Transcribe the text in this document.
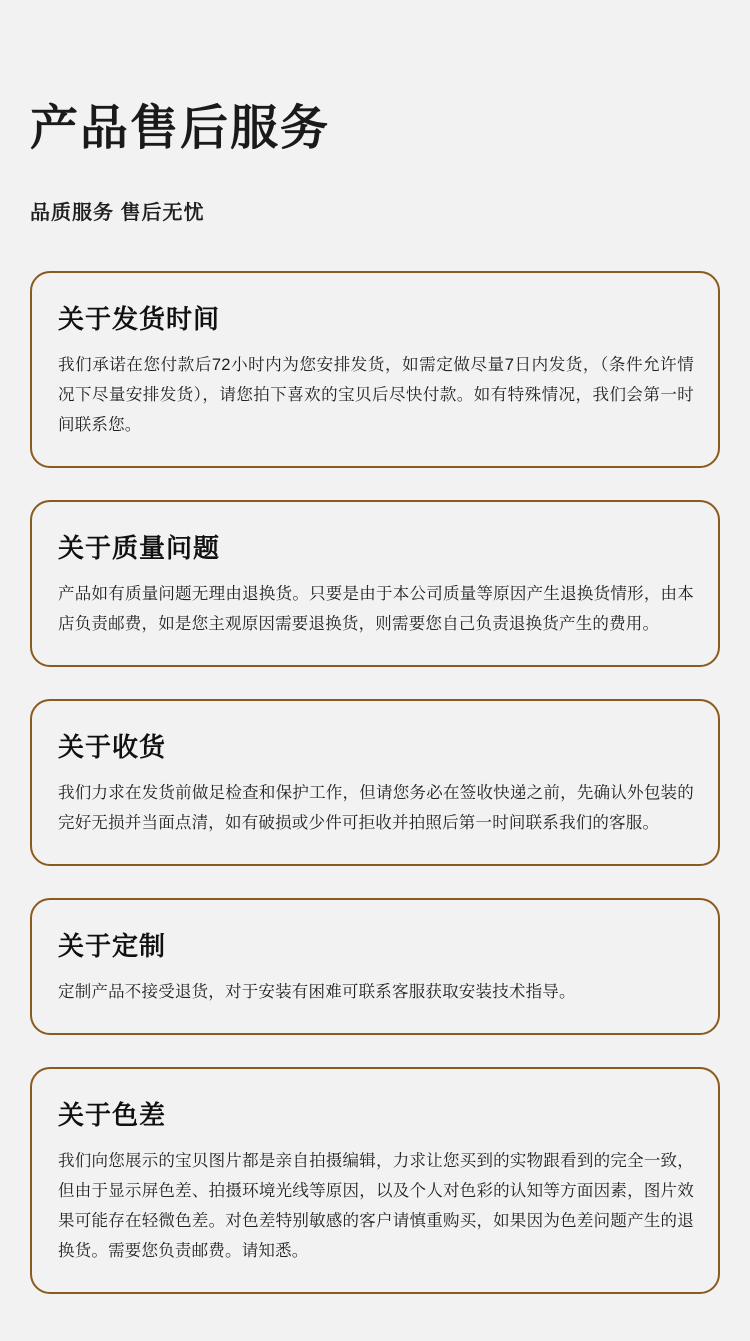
产品售后服务
品质服务 售后无忧
关于发货时间
我们承诺在您付款后72小时内为您安排发货，如需定做尽量7日内发货，（条件允许情况下尽量安排发货），请您拍下喜欢的宝贝后尽快付款。如有特殊情况，我们会第一时间联系您。
关于质量问题
产品如有质量问题无理由退换货。只要是由于本公司质量等原因产生退换货情形，由本店负责邮费，如是您主观原因需要退换货，则需要您自己负责退换货产生的费用。
关于收货
我们力求在发货前做足检查和保护工作，但请您务必在签收快递之前，先确认外包装的完好无损并当面点清，如有破损或少件可拒收并拍照后第一时间联系我们的客服。
关于定制
定制产品不接受退货，对于安装有困难可联系客服获取安装技术指导。
关于色差
我们向您展示的宝贝图片都是亲自拍摄编辑，力求让您买到的实物跟看到的完全一致，但由于显示屏色差、拍摄环境光线等原因，以及个人对色彩的认知等方面因素，图片效果可能存在轻微色差。对色差特别敏感的客户请慎重购买，如果因为色差问题产生的退换货。需要您负责邮费。请知悉。
